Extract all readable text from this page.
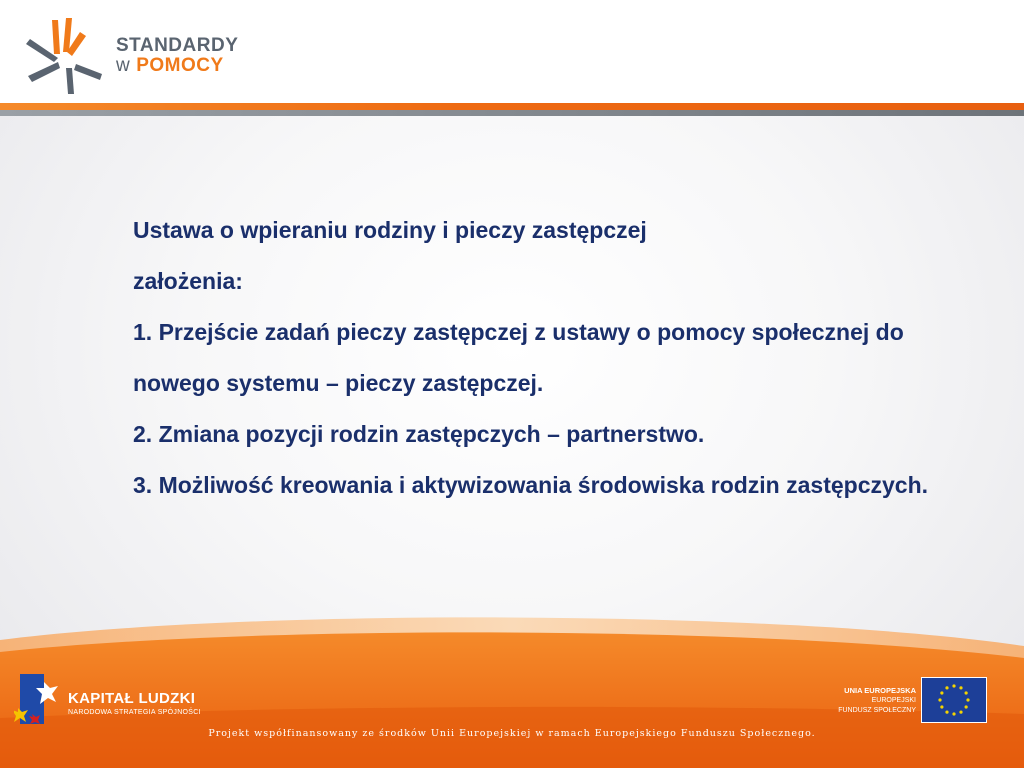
STANDARDY
w POMOCY

Ustawa o wpieraniu rodziny i pieczy zastępczej

założenia:

1. Przejście zadań pieczy zastępczej z ustawy o pomocy społecznej do nowego systemu – pieczy zastępczej.

2. Zmiana pozycji rodzin zastępczych – partnerstwo.

3. Możliwość kreowania i aktywizowania środowiska rodzin zastępczych.

KAPITAŁ LUDZKI
NARODOWA STRATEGIA SPÓJNOŚCI
UNIA EUROPEJSKA
EUROPEJSKI
FUNDUSZ SPOŁECZNY
Projekt współfinansowany ze środków Unii Europejskiej w ramach Europejskiego Funduszu Społecznego.
